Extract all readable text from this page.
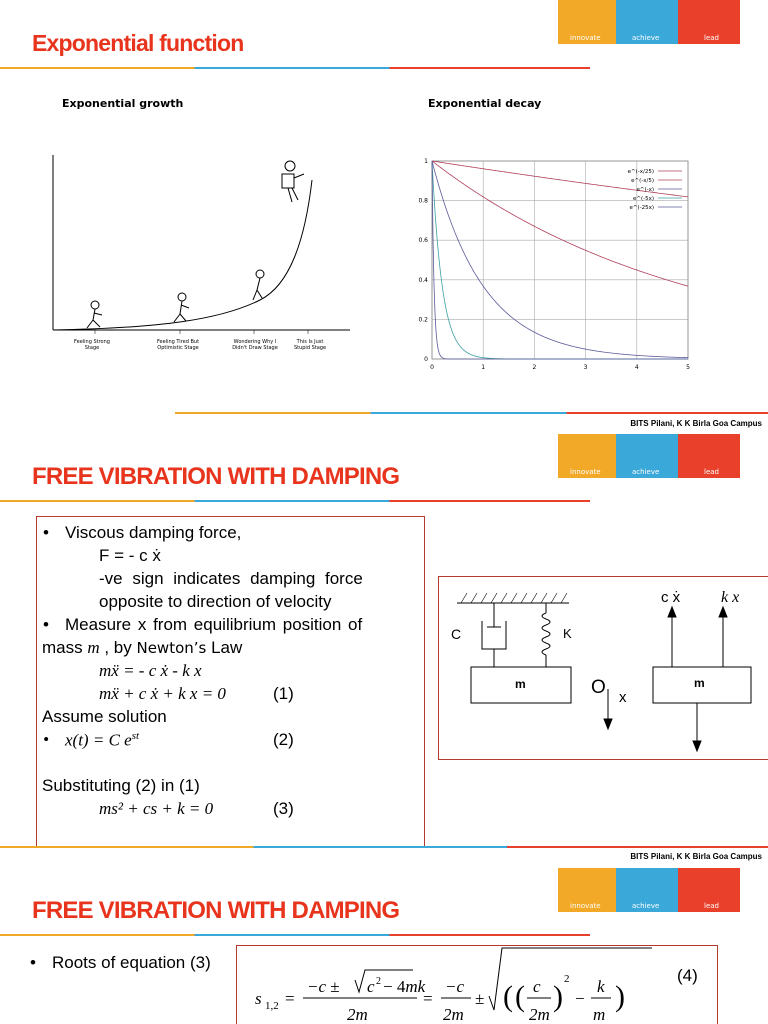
Exponential function	innovate	achieve	lead
Exponential growth	Exponential decay
Feeling Strong Stage
Feeling Tired But Optimistic Stage
Wondering Why I Didn't Draw Stage
This Is Just Stupid Stage
0	1	2	3	4	5
0
0.2
0.4
0.6
0.8
1
e^(-x/25)
e^(-x/5)
e^(-x)
e^(-5x)
e^(-25x)
BITS Pilani, K K Birla Goa Campus
FREE VIBRATION WITH DAMPING	innovate	achieve	lead
• Viscous damping force,
F = - c ẋ
-ve sign indicates damping force
opposite to direction of velocity
• Measure x from equilibrium position of
mass m , by Newton’s Law
mẍ = - c ẋ - k x
mẍ + c ẋ + k x = 0	(1)
Assume solution
• x(t) = C $e^{st}$	(2)
Substituting (2) in (1)
ms² + cs + k = 0	(3)
C	K
m	m
O x
c ẋ	k x
BITS Pilani, K K Birla Goa Campus
FREE VIBRATION WITH DAMPING	innovate	achieve	lead
• Roots of equation (3)
s 1,2 =
−c ± c 2 − 4mk
2m
=
−c
2m
± ( ( c
2m
)
2
−
k
m
)
(4)
